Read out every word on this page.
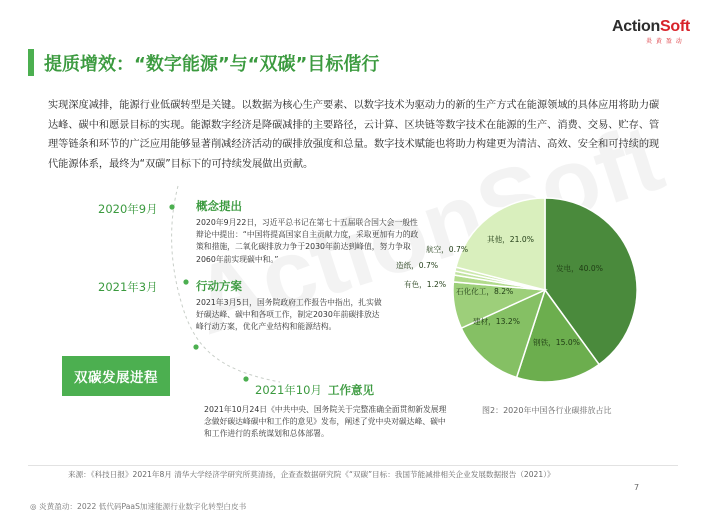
ActionSoft
炎 黄 盈 动
提质增效：“数字能源”与“双碳”目标偕行
实现深度减排，能源行业低碳转型是关键。以数据为核心生产要素、以数字技术为驱动力的新的生产方式在能源领域的具体应用将助力碳达峰、碳中和愿景目标的实现。能源数字经济是降碳减排的主要路径，云计算、区块链等数字技术在能源的生产、消费、交易、贮存、管理等链条和环节的广泛应用能够显著削减经济活动的碳排放强度和总量。数字技术赋能也将助力构建更为清洁、高效、安全和可持续的现代能源体系，最终为“双碳”目标下的可持续发展做出贡献。
2020年9月	概念提出
2020年9月22日，习近平总书记在第七十五届联合国大会一般性辩论中提出：“中国将提高国家自主贡献力度，采取更加有力的政策和措施，二氧化碳排放力争于2030年前达到峰值，努力争取2060年前实现碳中和。”
2021年3月	行动方案
2021年3月5日，国务院政府工作报告中指出，扎实做好碳达峰、碳中和各项工作，制定2030年前碳排放达峰行动方案，优化产业结构和能源结构。
双碳发展进程
2021年10月 工作意见
2021年10月24日《中共中央、国务院关于完整准确全面贯彻新发展理念做好碳达峰碳中和工作的意见》发布，阐述了党中央对碳达峰、碳中和工作进行的系统谋划和总体部署。
发电，40.0%
钢铁，15.0%
建材，13.2%
石化化工，8.2%
有色，1.2%
造纸，0.7%
航空，0.7%
其他，21.0%
图2：2020年中国各行业碳排放占比
来源：《科技日报》2021年8月 清华大学经济学研究所莫清扬，企查查数据研究院《“双碳”目标：我国节能减排相关企业发展数据报告（2021）》
7
◎ 炎黄盈动：2022 低代码PaaS加速能源行业数字化转型白皮书
